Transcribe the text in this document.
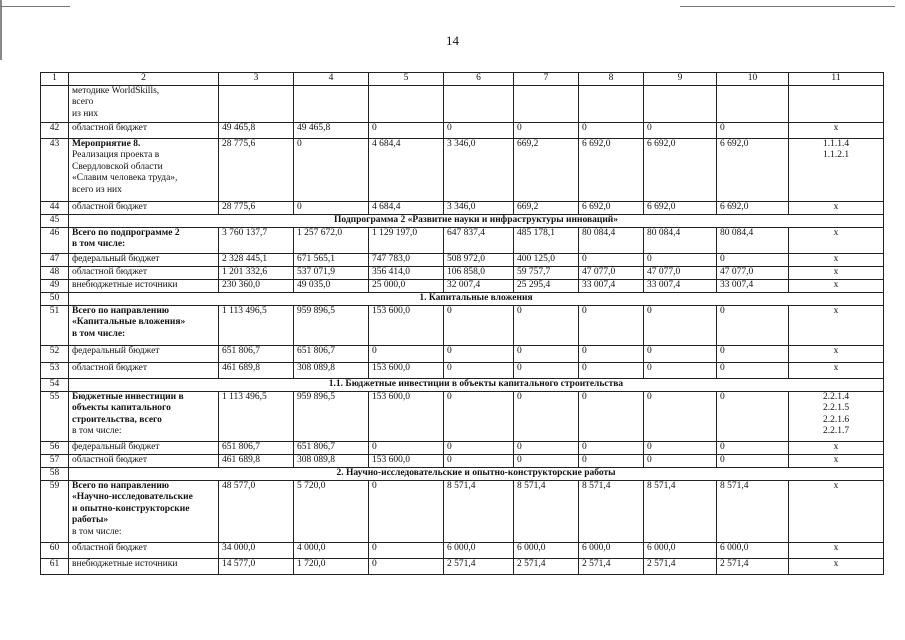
14
1	2	3	4	5	6	7	8	9	10	11
	методике WorldSkills,
всего
из них									
42	областной бюджет	49 465,8	49 465,8	0	0	0	0	0	0	x
43	Мероприятие 8.
Реализация проекта в
Свердловской области
«Славим человека труда»,
всего из них	28 775,6	0	4 684,4	3 346,0	669,2	6 692,0	6 692,0	6 692,0	1.1.1.4
1.1.2.1
44	областной бюджет	28 775,6	0	4 684,4	3 346,0	669,2	6 692,0	6 692,0	6 692,0	x
45	Подпрограмма 2 «Развитие науки и инфраструктуры инноваций»									
46	Всего по подпрограмме 2
в том числе:	3 760 137,7	1 257 672,0	1 129 197,0	647 837,4	485 178,1	80 084,4	80 084,4	80 084,4	x
47	федеральный бюджет	2 328 445,1	671 565,1	747 783,0	508 972,0	400 125,0	0	0	0	x
48	областной бюджет	1 201 332,6	537 071,9	356 414,0	106 858,0	59 757,7	47 077,0	47 077,0	47 077,0	x
49	внебюджетные источники	230 360,0	49 035,0	25 000,0	32 007,4	25 295,4	33 007,4	33 007,4	33 007,4	x
50	1. Капитальные вложения									
51	Всего по направлению
«Капитальные вложения»
в том числе:	1 113 496,5	959 896,5	153 600,0	0	0	0	0	0	x
52	федеральный бюджет	651 806,7	651 806,7	0	0	0	0	0	0	x
53	областной бюджет	461 689,8	308 089,8	153 600,0	0	0	0	0	0	x
54	1.1. Бюджетные инвестиции в объекты капитального строительства									
55	Бюджетные инвестиции в
объекты капитального
строительства, всего
в том числе:	1 113 496,5	959 896,5	153 600,0	0	0	0	0	0	2.2.1.4
2.2.1.5
2.2.1.6
2.2.1.7
56	федеральный бюджет	651 806,7	651 806,7	0	0	0	0	0	0	x
57	областной бюджет	461 689,8	308 089,8	153 600,0	0	0	0	0	0	x
58	2. Научно-исследовательские и опытно-конструкторские работы									
59	Всего по направлению
«Научно-исследовательские
и опытно-конструкторские
работы»
в том числе:	48 577,0	5 720,0	0	8 571,4	8 571,4	8 571,4	8 571,4	8 571,4	x
60	областной бюджет	34 000,0	4 000,0	0	6 000,0	6 000,0	6 000,0	6 000,0	6 000,0	x
61	внебюджетные источники	14 577,0	1 720,0	0	2 571,4	2 571,4	2 571,4	2 571,4	2 571,4	x
